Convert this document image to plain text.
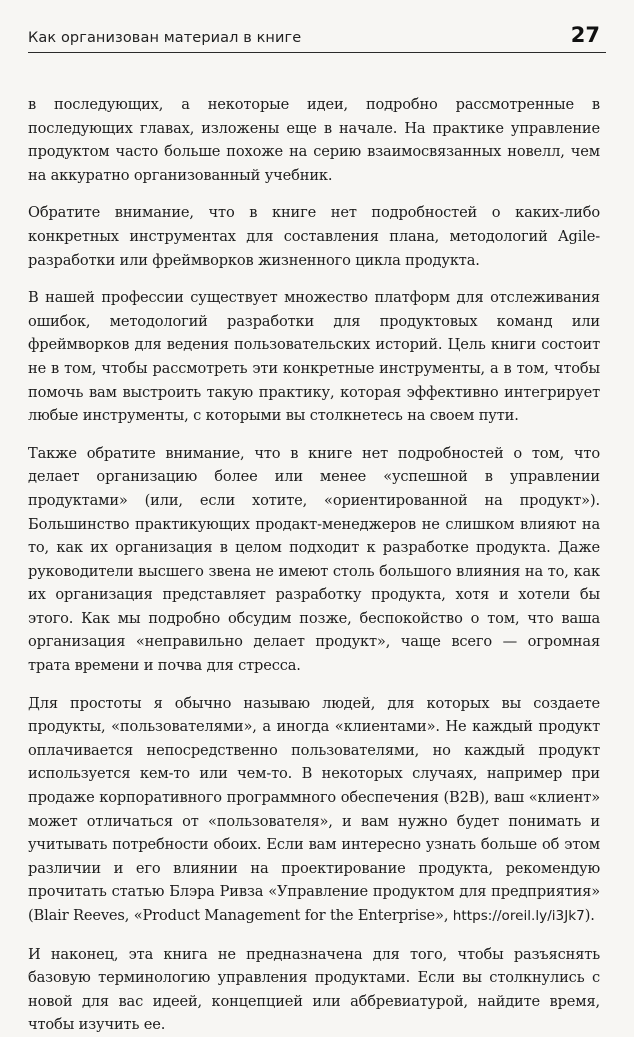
Как организован материал в книге	27

в последующих, а некоторые идеи, подробно рассмотренные в последующих главах, изложены еще в начале. На практике управление продуктом часто больше похоже на серию взаимосвязанных новелл, чем на аккуратно организованный учебник.

Обратите внимание, что в книге нет подробностей о каких-либо конкретных инструментах для составления плана, методологий Agile-разработки или фреймворков жизненного цикла продукта.

В нашей профессии существует множество платформ для отслеживания ошибок, методологий разработки для продуктовых команд или фреймворков для ведения пользовательских историй. Цель книги состоит не в том, чтобы рассмотреть эти конкретные инструменты, а в том, чтобы помочь вам выстроить такую практику, которая эффективно интегрирует любые инструменты, с которыми вы столкнетесь на своем пути.

Также обратите внимание, что в книге нет подробностей о том, что делает организацию более или менее «успешной в управлении продуктами» (или, если хотите, «ориентированной на продукт»). Большинство практикующих продакт-менеджеров не слишком влияют на то, как их организация в целом подходит к разработке продукта. Даже руководители высшего звена не имеют столь большого влияния на то, как их организация представляет разработку продукта, хотя и хотели бы этого. Как мы подробно обсудим позже, беспокойство о том, что ваша организация «неправильно делает продукт», чаще всего — огромная трата времени и почва для стресса.

Для простоты я обычно называю людей, для которых вы создаете продукты, «пользователями», а иногда «клиентами». Не каждый продукт оплачивается непосредственно пользователями, но каждый продукт используется кем-то или чем-то. В некоторых случаях, например при продаже корпоративного программного обеспечения (B2B), ваш «клиент» может отличаться от «пользователя», и вам нужно будет понимать и учитывать потребности обоих. Если вам интересно узнать больше об этом различии и его влиянии на проектирование продукта, рекомендую прочитать статью Блэра Ривза «Управление продуктом для предприятия» (Blair Reeves, «Product Management for the Enterprise», https://oreil.ly/i3Jk7).

И наконец, эта книга не предназначена для того, чтобы разъяснять базовую терминологию управления продуктами. Если вы столкнулись с новой для вас идеей, концепцией или аббревиатурой, найдите время, чтобы изучить ее.
